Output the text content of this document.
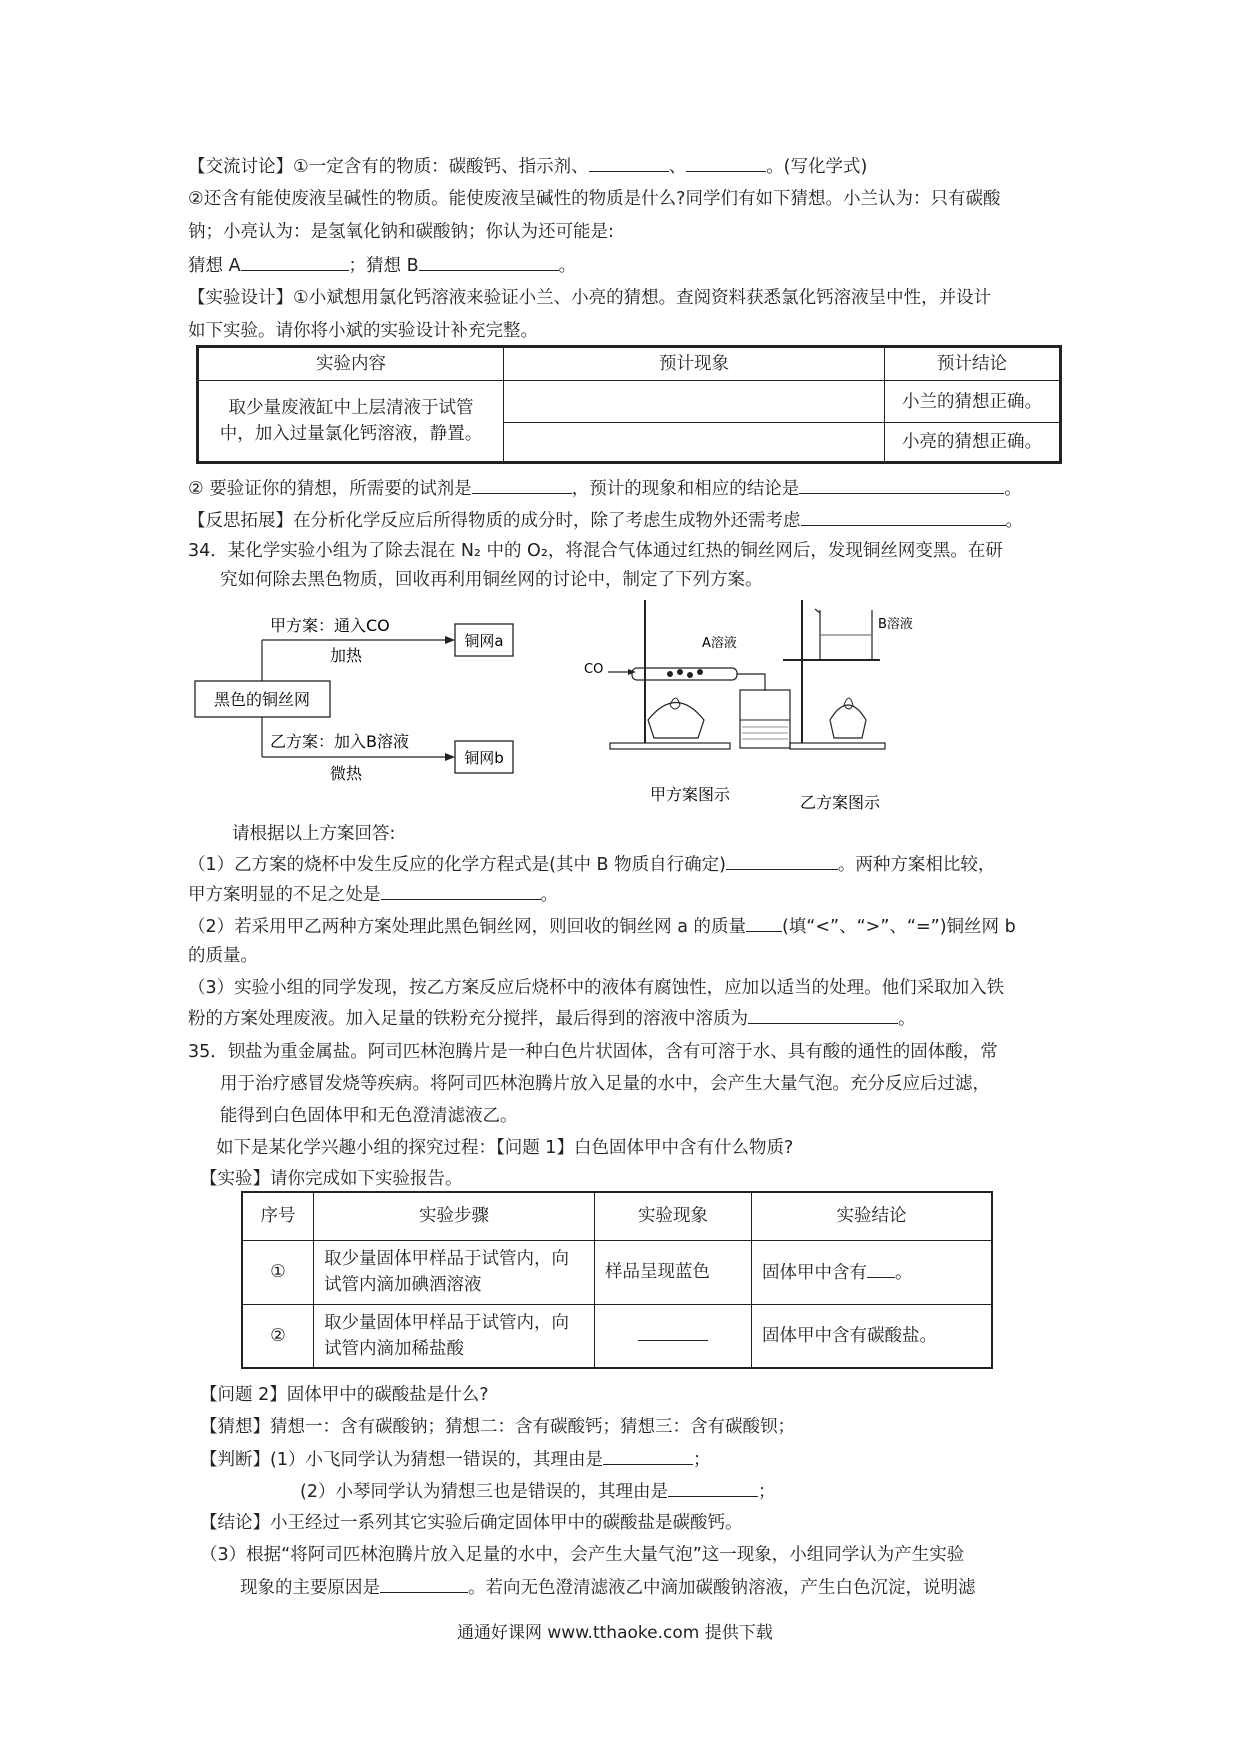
【交流讨论】①一定含有的物质：碳酸钙、指示剂、	、	。(写化学式)
②还含有能使废液呈碱性的物质。能使废液呈碱性的物质是什么?同学们有如下猜想。小兰认为：只有碳酸
钠；小亮认为：是氢氧化钠和碳酸钠；你认为还可能是:
猜想 A	；猜想 B	。
【实验设计】①小斌想用氯化钙溶液来验证小兰、小亮的猜想。查阅资料获悉氯化钙溶液呈中性，并设计
如下实验。请你将小斌的实验设计补充完整。
实验内容	预计现象	预计结论

取少量废液缸中上层清液于试管
中，加入过量氯化钙溶液，静置。		小兰的猜想正确。
		小亮的猜想正确。
② 要验证你的猜想，所需要的试剂是	，预计的现象和相应的结论是	。
【反思拓展】在分析化学反应后所得物质的成分时，除了考虑生成物外还需考虑	。
34．某化学实验小组为了除去混在 N₂ 中的 O₂，将混合气体通过红热的铜丝网后，发现铜丝网变黑。在研
究如何除去黑色物质，回收再利用铜丝网的讨论中，制定了下列方案。
黑色的铜丝网
甲方案：通入CO
加热
铜网a
乙方案：加入B溶液
微热
铜网b
CO
A溶液
甲方案图示
B溶液
乙方案图示
请根据以上方案回答:
（1）乙方案的烧杯中发生反应的化学方程式是(其中 B 物质自行确定)	。两种方案相比较，
甲方案明显的不足之处是	。
（2）若采用甲乙两种方案处理此黑色铜丝网，则回收的铜丝网 a 的质量 (填“<”、“>”、“=”)铜丝网 b
的质量。
（3）实验小组的同学发现，按乙方案反应后烧杯中的液体有腐蚀性，应加以适当的处理。他们采取加入铁
粉的方案处理废液。加入足量的铁粉充分搅拌，最后得到的溶液中溶质为	。
35．钡盐为重金属盐。阿司匹林泡腾片是一种白色片状固体，含有可溶于水、具有酸的通性的固体酸，常
用于治疗感冒发烧等疾病。将阿司匹林泡腾片放入足量的水中，会产生大量气泡。充分反应后过滤，
能得到白色固体甲和无色澄清滤液乙。
如下是某化学兴趣小组的探究过程：【问题 1】白色固体甲中含有什么物质?
【实验】请你完成如下实验报告。
序号	实验步骤	实验现象	实验结论
①	取少量固体甲样品于试管内，向
试管内滴加碘酒溶液	样品呈现蓝色	固体甲中含有 。
②	取少量固体甲样品于试管内，向
试管内滴加稀盐酸		固体甲中含有碳酸盐。
【问题 2】固体甲中的碳酸盐是什么?
【猜想】猜想一：含有碳酸钠；猜想二：含有碳酸钙；猜想三：含有碳酸钡；
【判断】(1）小飞同学认为猜想一错误的，其理由是	；
(2）小琴同学认为猜想三也是错误的，其理由是	；
【结论】小王经过一系列其它实验后确定固体甲中的碳酸盐是碳酸钙。
（3）根据“将阿司匹林泡腾片放入足量的水中，会产生大量气泡”这一现象，小组同学认为产生实验
现象的主要原因是	。若向无色澄清滤液乙中滴加碳酸钠溶液，产生白色沉淀，说明滤
通通好课网 www.tthaoke.com 提供下载
